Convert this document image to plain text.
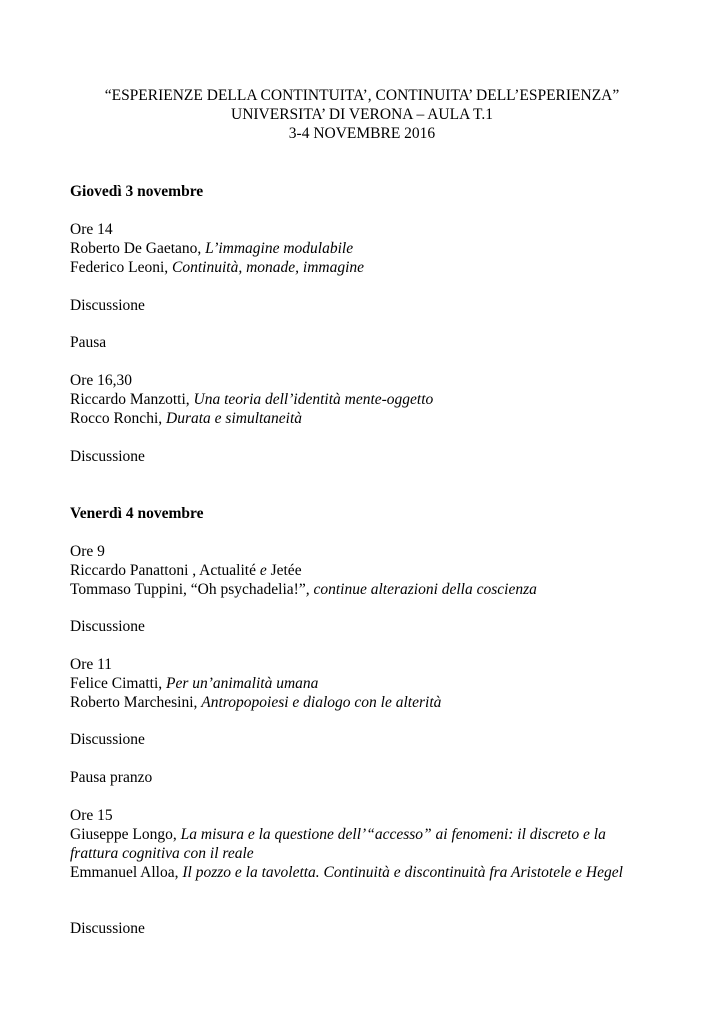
“ESPERIENZE DELLA CONTINTUITA’, CONTINUITA’ DELL’ESPERIENZA”
UNIVERSITA’ DI VERONA – AULA T.1
3-4 NOVEMBRE 2016
Giovedì 3 novembre
Ore 14
Roberto De Gaetano, L’immagine modulabile
Federico Leoni, Continuità, monade, immagine
Discussione
Pausa
Ore 16,30
Riccardo Manzotti, Una teoria dell’identità mente-oggetto
Rocco Ronchi, Durata e simultaneità
Discussione
Venerdì 4 novembre
Ore 9
Riccardo Panattoni , Actualité e Jetée
Tommaso Tuppini, “Oh psychadelia!”, continue alterazioni della coscienza
Discussione
Ore 11
Felice Cimatti, Per un’animalità umana
Roberto Marchesini, Antropopoiesi e dialogo con le alterità
Discussione
Pausa pranzo
Ore 15
Giuseppe Longo, La misura e la questione dell’“accesso” ai fenomeni: il discreto e la frattura cognitiva con il reale
Emmanuel Alloa, Il pozzo e la tavoletta. Continuità e discontinuità fra Aristotele e Hegel
Discussione
